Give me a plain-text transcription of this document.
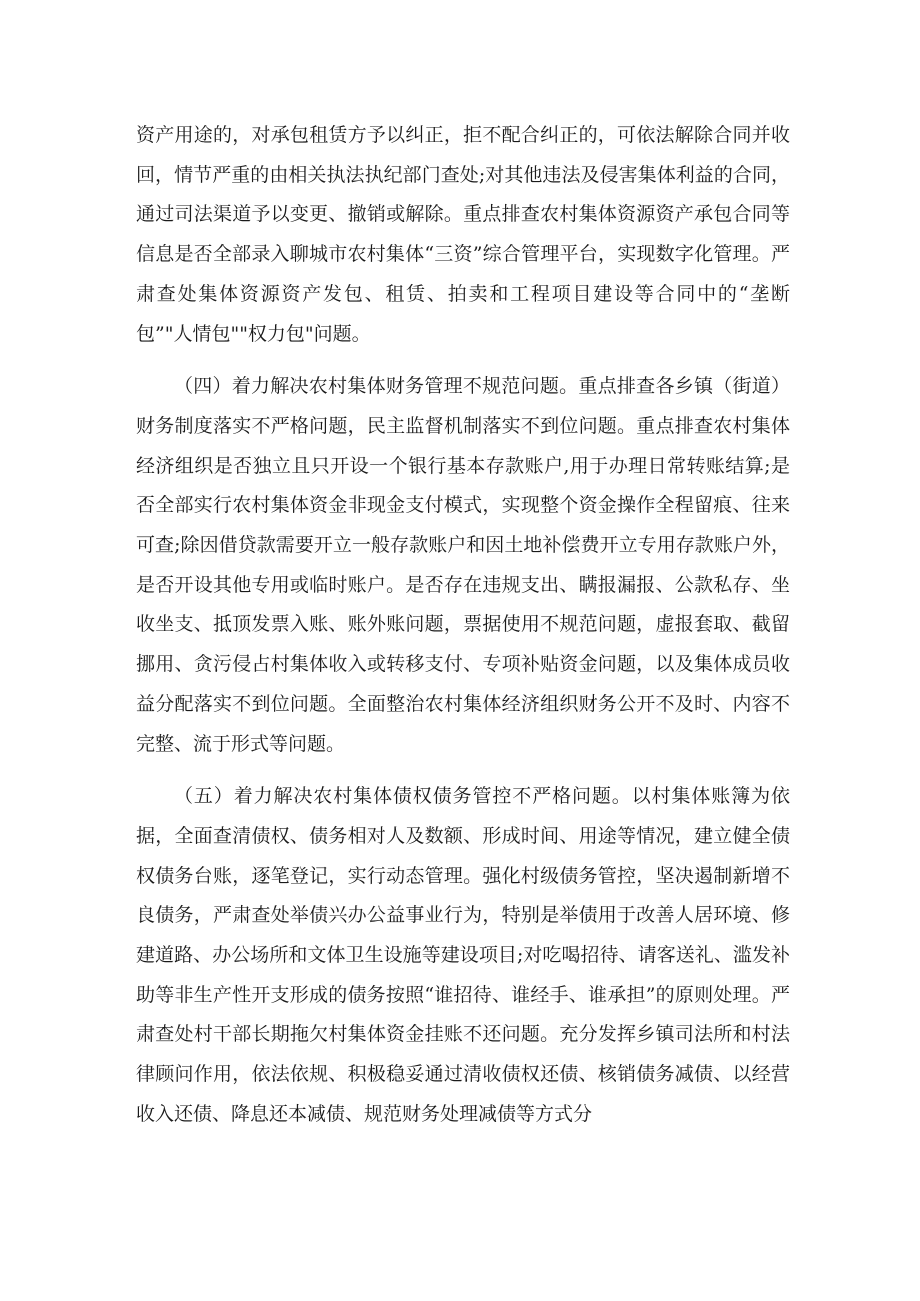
资产用途的，对承包租赁方予以纠正，拒不配合纠正的，可依法解除合同并收回，情节严重的由相关执法执纪部门查处;对其他违法及侵害集体利益的合同，通过司法渠道予以变更、撤销或解除。重点排查农村集体资源资产承包合同等信息是否全部录入聊城市农村集体“三资”综合管理平台，实现数字化管理。严肃查处集体资源资产发包、租赁、拍卖和工程项目建设等合同中的“垄断包”"人情包""权力包"问题。

（四）着力解决农村集体财务管理不规范问题。重点排查各乡镇（街道）财务制度落实不严格问题，民主监督机制落实不到位问题。重点排查农村集体经济组织是否独立且只开设一个银行基本存款账户,用于办理日常转账结算;是否全部实行农村集体资金非现金支付模式，实现整个资金操作全程留痕、往来可查;除因借贷款需要开立一般存款账户和因土地补偿费开立专用存款账户外，是否开设其他专用或临时账户。是否存在违规支出、瞒报漏报、公款私存、坐收坐支、抵顶发票入账、账外账问题，票据使用不规范问题，虚报套取、截留挪用、贪污侵占村集体收入或转移支付、专项补贴资金问题，以及集体成员收益分配落实不到位问题。全面整治农村集体经济组织财务公开不及时、内容不完整、流于形式等问题。

（五）着力解决农村集体债权债务管控不严格问题。以村集体账簿为依据，全面查清债权、债务相对人及数额、形成时间、用途等情况，建立健全债权债务台账，逐笔登记，实行动态管理。强化村级债务管控，坚决遏制新增不良债务，严肃查处举债兴办公益事业行为，特别是举债用于改善人居环境、修建道路、办公场所和文体卫生设施等建设项目;对吃喝招待、请客送礼、滥发补助等非生产性开支形成的债务按照“谁招待、谁经手、谁承担”的原则处理。严肃查处村干部长期拖欠村集体资金挂账不还问题。充分发挥乡镇司法所和村法律顾问作用，依法依规、积极稳妥通过清收债权还债、核销债务减债、以经营收入还债、降息还本减债、规范财务处理减债等方式分
